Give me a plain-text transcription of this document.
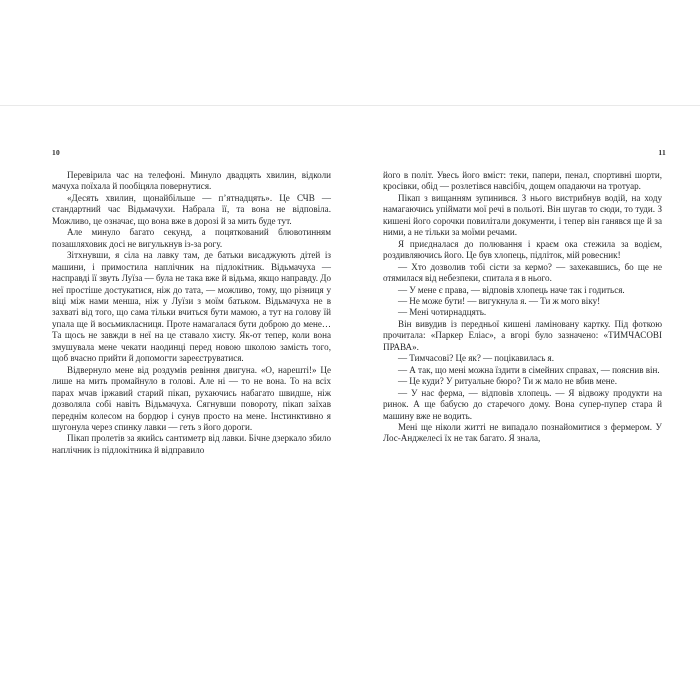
10

Перевірила час на телефоні. Минуло двадцять хвилин, відколи мачуха поїхала й пообіцяла повернутися.

«Десять хвилин, щонайбільше — п’ятнадцять». Це СЧВ — стандартний час Відьмачухи. Набрала її, та вона не відповіла. Можливо, це означає, що вона вже в дорозі й за мить буде тут.

Але минуло багато секунд, а поцяткований блювотинням позашляховик досі не вигулькнув із-за рогу.

Зітхнувши, я сіла на лавку там, де батьки висаджують дітей із машини, і примостила наплічник на підлокітник. Відьмачуха — насправді її звуть Луїза — була не така вже й відьма, якщо направду. До неї простіше достукатися, ніж до тата, — можливо, тому, що різниця у віці між нами менша, ніж у Луїзи з моїм батьком. Відьмачуха не в захваті від того, що сама тільки вчиться бути мамою, а тут на голову їй упала ще й восьмикласниця. Проте намагалася бути доброю до мене… Та щось не завжди в неї на це ставало хисту. Як-от тепер, коли вона змушувала мене чекати наодинці перед новою школою замість того, щоб вчасно прийти й допомогти зареєструватися.

Відвернуло мене від роздумів ревіння двигуна. «О, нарешті!» Це лише на мить промайнуло в голові. Але ні — то не вона. То на всіх парах мчав іржавий старий пікап, рухаючись набагато швидше, ніж дозволяла собі навіть Відьмачуха. Сягнувши повороту, пікап заїхав переднім колесом на бордюр і сунув просто на мене. Інстинктивно я шугонула через спинку лавки — геть з його дороги.

Пікап пролетів за якийсь сантиметр від лавки. Бічне дзеркало збило наплічник із підлокітника й відправило

11

його в політ. Увесь його вміст: теки, папери, пенал, спортивні шорти, кросівки, обід — розлетівся навсібіч, дощем опадаючи на тротуар.

Пікап з вищанням зупинився. З нього вистрибнув водій, на ходу намагаючись упіймати мої речі в польоті. Він шугав то сюди, то туди. З кишені його сорочки повилітали документи, і тепер він ганявся ще й за ними, а не тільки за моїми речами.

Я приєдналася до полювання і краєм ока стежила за водієм, роздивляючись його. Це був хлопець, підліток, мій ровесник!

— Хто дозволив тобі сісти за кермо? — захекавшись, бо ще не отямилася від небезпеки, спитала я в нього.

— У мене є права, — відповів хлопець наче так і годиться.

— Не може бути! — вигукнула я. — Ти ж мого віку!

— Мені чотирнадцять.

Він вивудив із передньої кишені ламіновану картку. Під фоткою прочитала: «Паркер Еліас», а вгорі було зазначено: «ТИМЧАСОВІ ПРАВА».

— Тимчасові? Це як? — поцікавилась я.

— А так, що мені можна їздити в сімейних справах, — пояснив він.

— Це куди? У ритуальне бюро? Ти ж мало не вбив мене.

— У нас ферма, — відповів хлопець. — Я відвожу продукти на ринок. А ще бабусю до старечого дому. Вона супер-пупер стара й машину вже не водить.

Мені ще ніколи житті не випадало познайомитися з фермером. У Лос-Анджелесі їх не так багато. Я знала,
